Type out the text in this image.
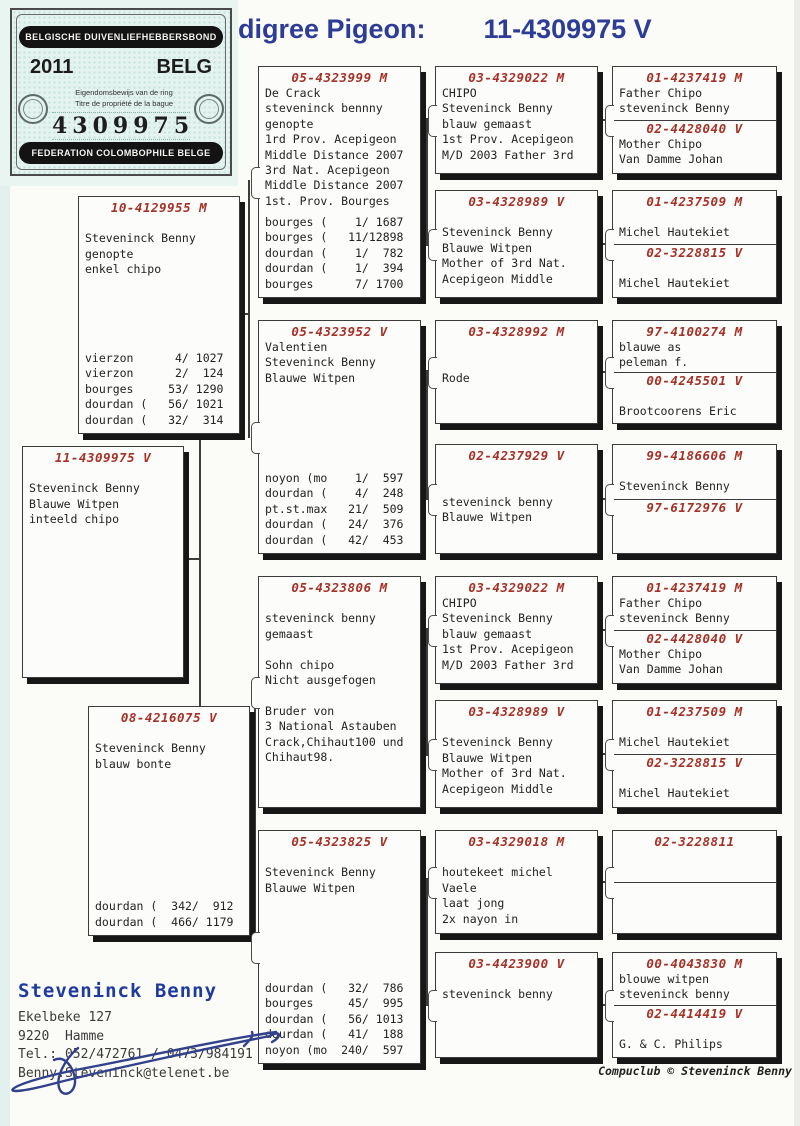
10-4129955 M
Steveninck Benny
genopte
enkel chipo
vierzon      4/ 1027
vierzon      2/  124
bourges     53/ 1290
dourdan (   56/ 1021
dourdan (   32/  314
11-4309975 V
Steveninck Benny
Blauwe Witpen
inteeld chipo
08-4216075 V
Steveninck Benny
blauw bonte
dourdan (  342/  912
dourdan (  466/ 1179
05-4323999 M
De Crack
steveninck bennny
genopte
1rd Prov. Acepigeon
Middle Distance 2007
3rd Nat. Acepigeon
Middle Distance 2007
1st. Prov. Bourges
bourges (    1/ 1687
bourges (   11/12898
dourdan (    1/  782
dourdan (    1/  394
bourges      7/ 1700
05-4323952 V
Valentien
Steveninck Benny
Blauwe Witpen
noyon (mo    1/  597
dourdan (    4/  248
pt.st.max   21/  509
dourdan (   24/  376
dourdan (   42/  453
05-4323806 M
steveninck benny
gemaast
Sohn chipo
Nicht ausgefogen
Bruder von
3 National Astauben
Crack,Chihaut100 und
Chihaut98.
05-4323825 V
Steveninck Benny
Blauwe Witpen
dourdan (   32/  786
bourges     45/  995
dourdan (   56/ 1013
dourdan (   41/  188
noyon (mo  240/  597
03-4329022 M
CHIPO
Steveninck Benny
blauw gemaast
1st Prov. Acepigeon
M/D 2003 Father 3rd
03-4328989 V
Steveninck Benny
Blauwe Witpen
Mother of 3rd Nat.
Acepigeon Middle
03-4328992 M
Rode
02-4237929 V
steveninck benny
Blauwe Witpen
03-4329022 M
CHIPO
Steveninck Benny
blauw gemaast
1st Prov. Acepigeon
M/D 2003 Father 3rd
03-4328989 V
Steveninck Benny
Blauwe Witpen
Mother of 3rd Nat.
Acepigeon Middle
03-4329018 M
houtekeet michel
Vaele
laat jong
2x nayon in
03-4423900 V
steveninck benny
01-4237419 M
Father Chipo
steveninck Benny
02-4428040 V
Mother Chipo
Van Damme Johan
01-4237509 M
Michel Hautekiet
02-3228815 V
Michel Hautekiet
97-4100274 M
blauwe as
peleman f.
00-4245501 V
Brootcoorens Eric
99-4186606 M
Steveninck Benny
97-6172976 V
01-4237419 M
Father Chipo
steveninck Benny
02-4428040 V
Mother Chipo
Van Damme Johan
01-4237509 M
Michel Hautekiet
02-3228815 V
Michel Hautekiet
02-3228811
00-4043830 M
blouwe witpen
steveninck benny
02-4414419 V
G. & C. Philips
BELGISCHE DUIVENLIEFHEBBERSBOND
2011	BELG
Eigendomsbewijs van de ring
Titre de propriété de la bague
4309975
FEDERATION COLOMBOPHILE BELGE
digree Pigeon: 11-4309975 V
Steveninck Benny
Ekelbeke 127
9220  Hamme
Tel.: 052/472761 / 0473/984191
Benny.Steveninck@telenet.be	Compuclub © Steveninck Benny
